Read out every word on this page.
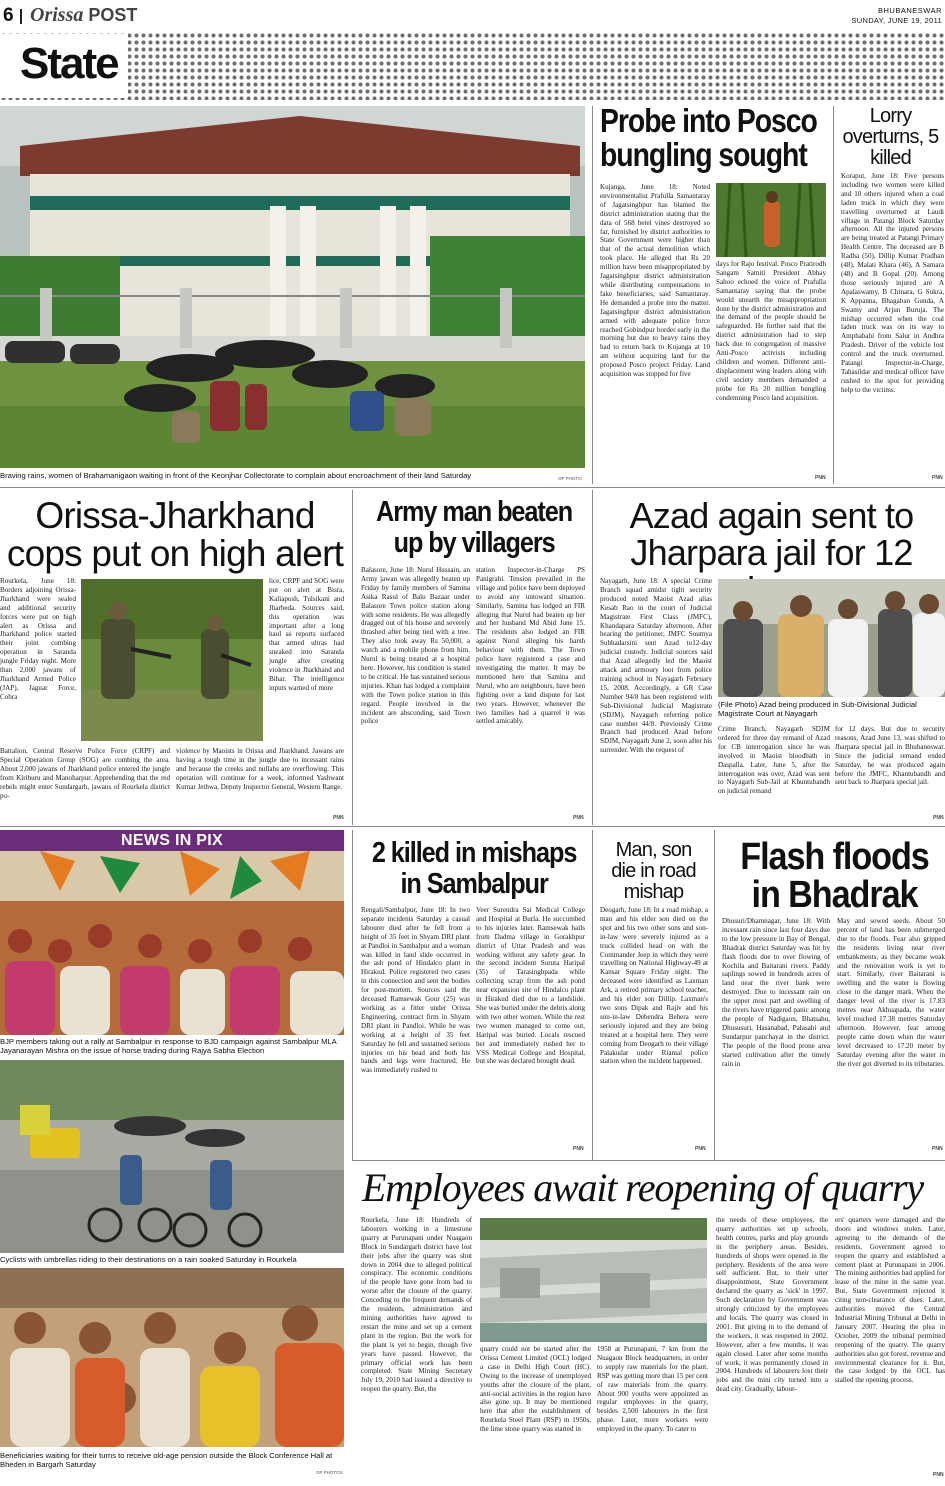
6 Orissa POST	BHUBANESWAR
SUNDAY, JUNE 19, 2011
State
Braving rains, women of Brahamanigaon waiting in front of the Keonjhar Collectorate to complain about encroachment of their land Saturday	OP PHOTO
Probe into Posco
bungling sought
Kujanga, June 18: Noted environmentalist Prafulla Samantaray of Jagatsinghpur has blamed the district administration stating that the data of 568 betel vines destroyed so far, furnished by district authorities to State Government were higher than that of the actual demolition which took place. He alleged that Rs 20 million have been misappropriated by Jagatsinghpur district administration while distributing compensations to fake beneficiaries, said Samantaray. He demanded a probe into the matter. Jagatsinghpur district administration armed with adequate police force reached Gobindpur border early in the morning but due to heavy rains they had to return back to Kujanga at 10 am without acquiring land for the proposed Posco project Friday. Land acquisition was stopped for five
days for Rajo festival. Posco Pratirodh Sangam Samiti President Abhay Sahoo echoed the voice of Prafulla Samantaray saying that the probe would unearth the misappropriation done by the district administration and the demand of the people should be safeguarded. He further said that the district administration had to step back due to congregation of massive Anti-Posco activists including children and women. Different anti-displacement wing leaders along with civil society members demanded a probe for Rs 20 million bungling condemning Posco land acquisition.
PNN
Lorry
overturns, 5
killed
Koraput, June 18: Five persons including two women were killed and 10 others injured when a coal laden truck in which they were travelling overturned at Laudi village in Patangi Block Saturday afternoon. All the injured persons are being treated at Patangi Primary Health Centre. The deceased are B Radha (50), Dillip Kumar Pradhan (48), Malati Khara (46), A Samara (48) and B Gopal (20). Among those seriously injured are A Apalaswamy, B Chinara, G Sukra, K Appanna, Bhagaban Gunda, A Swamy and Arjun Buruja. The mishap occurred when the coal laden truck was on its way to Amphabahi from Salur in Andhra Pradesh. Driver of the vehicle lost control and the truck overturned. Patangi Inspector-in-Charge, Tahasildar and medical officer have rushed to the spot for providing help to the victims.
PNN
Orissa-Jharkhand
cops put on high alert
Rourkela, June 18: Borders adjoining Orissa-Jharkhand were sealed and additional security forces were put on high alert as Orissa and Jharkhand police started their joint combing operation in Saranda jungle Friday night. More than 2,000 jawans of Jharkhand Armed Police (JAP), Jaguar Force, Cobra
lice, CRPF and SOG were put on alert at Bisra, Kaliaposh, Tulsikani and Jharbeda. Sources said, this operation was important after a long haul as reports surfaced that armed ultras had sneaked into Saranda jungle after creating violence in Jharkhand and Bihar. The intelligence inputs warned of more
Battalion, Central Reserve Police Force (CRPF) and Special Operation Group (SOG) are combing the area. About 2,000 jawans of Jharkhand police entered the jungle from Kiriburu and Manoharpur. Apprehending that the red rebels might enter Sundargarh, jawans of Rourkela district po-
violence by Maoists in Orissa and Jharkhand. Jawans are having a tough time in the jungle due to incessant rains and because the creeks and nullahs are overflowing. This operation will continue for a week, informed Yashwant Kumar Jethwa, Deputy Inspector General, Western Range.
PNN
Army man beaten
up by villagers
Balasore, June 18: Nurul Hussain, an Army jawan was allegedly beaten up Friday by family members of Samina Asika Rasul of Balu Bazaar under Balasore Town police station along with some residents. He was allegedly dragged out of his house and severely thrashed after being tied with a tree. They also took away Rs 50,000, a watch and a mobile phone from him. Nurul is being treated at a hospital here. However, his condition is stated to be critical. He has sustained serious injuries. Khan has lodged a complaint with the Town police station in this regard. People involved in the incident are absconding, said Town police
station Inspector-in-Charge PS Panigrahi. Tension prevailed in the village and police have been deployed to avoid any untoward situation. Similarly, Samina has lodged an FIR alleging that Nurul had beaten up her and her husband Md Abid June 15. The residents also lodged an FIR against Nurul alleging his harsh behaviour with them. The Town police have registered a case and investigating the matter. It may be mentioned here that Samina and Nurul, who are neighbours, have been fighting over a land dispute for last two years. However, whenever the two families had a quarrel it was settled amicably.
PNN
Azad again sent to
Jharpara jail for 12
Nayagarh, June 18: A special Crime Branch squad amidst tight security produced noted Maoist Azad alias Kesab Rao in the court of Judicial Magistrate First Class (JMFC), Khandapara Saturday afternoon. After hearing the petitioner, JMFC Soumya Subhadarsini sent Azad to12-day judicial custody. Judicial sources said that Azad allegedly led the Maoist attack and armoury loot from police training school in Nayagarh February 15, 2008. Accordingly, a GR Case Number 94/8 has been registered with Sub-Divisional Judicial Magistrate (SDJM), Nayagarh referring police case number 44/8. Previously Crime Branch had produced Azad before SDJM, Nayagarh June 2, soon after his surrender. With the request of
(File Photo) Azad being produced in Sub-Divisional Judicial Magistrate Court at Nayagarh
Crime Branch, Nayagarh SDJM ordered for three day remand of Azad for CB interrogation since he was involved in Maoist bloodbath in Daspalla. Later, June 5, after the interrogation was over, Azad was sent to Nayagarh Sub-Jail at Khuntubandh on judicial remand
for 12 days. But due to security reasons, Azad June 13, was shifted to Jharpara special jail in Bhubaneswar. Since the judicial remand ended Saturday, he was produced again before the JMFC, Khantubandh and sent back to Jharpara special jail.
PNN
NEWS IN PIX
BJP members taking out a rally at Sambalpur in response to BJD campaign against Sambalpur MLA Jayanarayan Mishra on the issue of horse trading during Rajya Sabha Election
Cyclists with umbrellas riding to their destinations on a rain soaked Saturday in Rourkela
Beneficiaries waiting for their turns to receive old-age pension outside the Block Conference Hall at Bheden in Bargarh Saturday
OP PHOTOS
2 killed in mishaps
in Sambalpur
Rengali/Sambalpur, June 18: In two separate incidents Saturday a casual labourer died after he fell from a height of 35 feet in Shyam DRI plant at Pandloi in Sambalpur and a woman was killed in land slide occurred in the ash pond of Hindalco plant in Hirakud. Police registered two cases in this connection and sent the bodies for post-mortem. Sources said the deceased Ramsewak Gour (25) was working as a fitter under Orissa Engineering, contract firm in Shyam DRI plant in Pandloi. While he was working at a height of 35 feet Saturday he fell and sustained serious injuries on his head and both his hands and legs were fractured. He was immediately rushed to
Veer Surendra Sai Medical College and Hospital at Burla. He succumbed to his injuries later. Ramsewak hails from Dadma village in Gorakhpur district of Uttar Pradesh and was working without any safety gear. In the second incident Suruta Haripal (35) of Tarasinghpada while collecting scrap from the ash pond near expansion site of Hindalco plant in Hirakud died due to a landslide. She was buried under the debris along with two other women. While the rest two women managed to come out, Haripal was buried. Locals rescued her and immediately rushed her to VSS Medical College and Hospital, but she was declared brought dead.
PNN
Man, son
die in road
mishap
Deogarh, June 18: In a road mishap, a man and his elder son died on the spot and his two other sons and son-in-law were severely injured as a truck collided head on with the Commander Jeep in which they were travelling on National Highway-49 at Kansar Square Friday night. The deceased were identified as Laxman Ark, a retired primary school teacher, and his elder son Dillip. Laxman's two sons Dipak and Rajiv and his son-in-law Debendra Behera were seriously injured and they are being treated at a hospital here. They were coming from Deogarh to their village Palakudar under Riamal police station when the incident happened.
PNN
Flash floods
in Bhadrak
Dhusuri/Dhamnagar, June 18: With incessant rain since last four days due to the low pressure in Bay of Bengal, Bhadrak district Saturday was hit by flash floods due to over flowing of Kochila and Baitarani rivers. Paddy saplings sowed in hundreds acres of land near the river bank were destroyed. Due to incessant rain on the upper most part and swelling of the rivers have triggered panic among the people of Nadigaon, Bhatsahu, Dhususuri, Hasanabad, Palasahi and Sundarpur panchayat in the district. The people of the flood prone area started cultivation after the timely rain in
May and sowed seeds. About 50 percent of land has been submerged due to the floods. Fear also gripped the residents living near river embankments, as they became weak and the renovation work is yet to start. Similarly, river Baitarani is swelling and the water is flowing close to the danger mark. When the danger level of the river is 17.83 metres near Akhuapada, the water level touched 17.38 metres Saturday afternoon. However, fear among people came down when the water level decreased to 17.20 meter by Saturday evening after the water in the river got diverted to its tributaries.
PNN
Employees await reopening of quarry
Rourkela, June 18: Hundreds of labourers working in a limestone quarry at Purunapani under Nuagaon Block in Sundargarh district have lost their jobs after the quarry was shut down in 2004 due to alleged political conspiracy. The economic conditions of the people have gone from bad to worse after the closure of the quarry. Conceding to the frequent demands of the residents, administration and mining authorities have agreed to restart the mine and set up a cement plant in the region. But the work for the plant is yet to begin, though five years have passed. However, the primary official work has been completed. State Mining Secretary July 19, 2010 had issued a directive to reopen the quarry. But, the
quarry could not be started after the Orissa Cement Limited (OCL) lodged a case in Delhi High Court (HC). Owing to the increase of unemployed youths after the closure of the plant, anti-social activities in the region have also gone up. It may be mentioned here that after the establishment of Rourkela Steel Plant (RSP) in 1950s, the lime stone quarry was started in
1958 at Purunapani, 7 km from the Nuagaon Block headquarters, in order to supply raw materials for the plant. RSP was getting more than 15 per cent of raw materials from the quarry. About 900 youths were appointed as regular employees in the quarry, besides 2,500 labourers in the first phase. Later, more workers were employed in the quarry. To cater to
the needs of these employees, the quarry authorities set up schools, health centres, parks and play grounds in the periphery areas. Besides, hundreds of shops were opened in the periphery. Residents of the area were self sufficient. But, to their utter disappointment, State Government declared the quarry as 'sick' in 1997. Such declaration by Government was strongly criticized by the employees and locals. The quarry was closed in 2001. But giving in to the demand of the workers, it was reopened in 2002. However, after a few months, it was again closed. Later after some months of work, it was permanently closed in 2004. Hundreds of labourers lost their jobs and the mini city turned into a dead city. Gradually, labour-
ers' quarters were damaged and the doors and windows stolen. Later, agreeing to the demands of the residents, Government agreed to reopen the quarry and established a cement plant at Purunapani in 2006. The mining authorities had applied for lease of the mine in the same year. But, State Government rejected it citing non-clearance of dues. Later, authorities moved the Central Industrial Mining Tribunal at Delhi in January 2007. Hearing the plea in October, 2009 the tribunal permitted reopening of the quarry. The quarry authorities also got forest, revenue and environmental clearance for it. But, the case lodged by the OCL has stalled the opening process.
PNN
